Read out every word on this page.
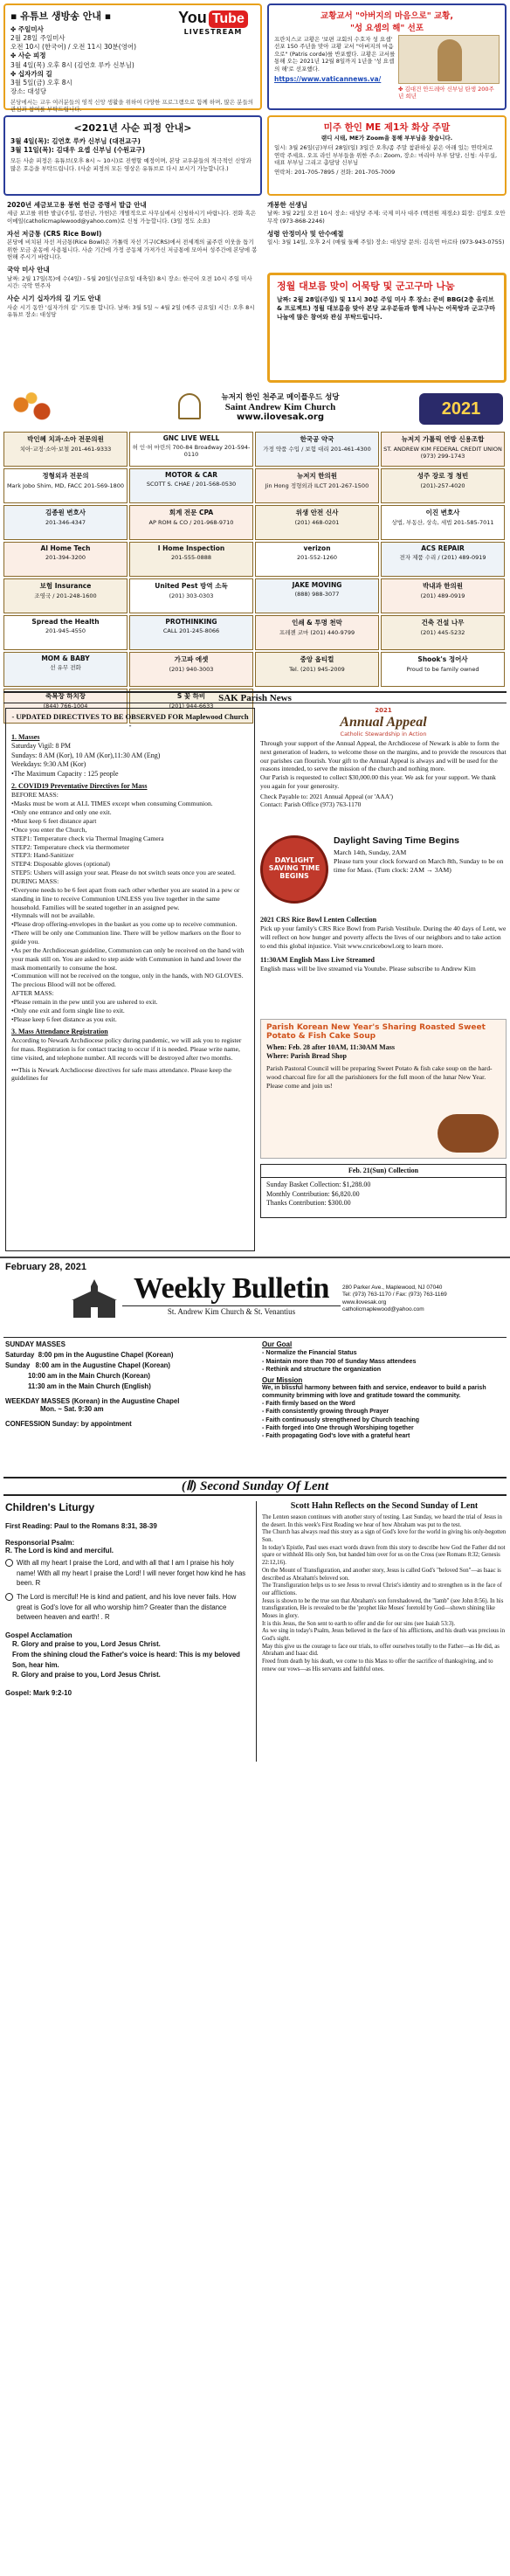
▪ 유튜브 생방송 안내 ▪
✤ 주일미사
2월 28일 주일미사
오전 10시 (한국어) / 오전 11시 30분(영어)
✤ 사순 피정
3월 4일(목) 오후 8시 (김연호 루카 신부님)
✤ 십자가의 길
3월 5일(금) 오후 8시
장소: 대성당
본당에서는 교우 여러분들의 영적 신앙 생활을 위하여 다양한 프로그램으로 함께 하며, 많은 분들의 관심과 참여를 부탁드립니다.
You Tube
LIVESTREAM
교황교서 "아버지의 마음으로" 교황,
"성 요셉의 해" 선포
프란치스코 교황은 '보편 교회의 수호자 성 요셉' 선포 150 주년을 맞아 교황 교서 "아버지의 마음으로" (Patris corde)를 반포했다. 교황은 교서를 통해 오는 2021년 12월 8일까지 1년을 '성 요셉의 해'로 선포했다.
https://www.vaticannews.va/
✤ 김대건 안드레아 신부님 탄생 200주년 희년
<2021년 사순 피정 안내>
3월 4일(목): 김연호 루카 신부님 (대전교구)
3월 11일(목): 김대우 요셉 신부님 (수원교구)
모든 사순 피정은 유튜브(오후 8시 ~ 10시)로 진행할 예정이며, 본당 교우분들의 적극적인 신앙과 많은 호응을 부탁드립니다. (사순 피정의 모든 영상은 유튜브로 다시 보시기 가능합니다.)
미주 한인 ME 제1차 화상 주말
랜디 시태, ME가 Zoom을 통해 부부님을 찾습니다.
일시: 3월 26일(금)부터 28일(일) 3일간 오후/좀 주말 참관하실 분은 아래 있는 연락처로 연락 주세요. 오프 라인 부부들을 위한 주소: Zoom, 장소: 마리아 부부 담당, 신청: 사무실, 대표 부부님 그리고 총담당 신부님
연락처: 201-705-7895 / 전화: 201-705-7009
2020년 세금보고용 봉헌 헌금 증명서 발급 안내
세금 보고를 위한 발급(주일, 봉헌금, 가헌)은 개별적으로 사무실에서 신청하시기 바랍니다. 전화 혹은 이메일(catholicmaplewood@yahoo.com)로 신청 가능합니다. (3일 정도 소요)
자선 저금통 (CRS Rice Bowl)
본당에 비치된 자선 저금통(Rice Bowl)은 가톨릭 자선 기구(CRS)에서 전세계의 굶주린 이웃을 돕기 위한 모금 운동에 사용됩니다. 사순 기간에 가정 공동체 가져가신 저금통에 모아서 성주간에 본당에 봉헌해 주시기 바랍니다.
국악 미사 안내
날짜: 2월 17일(목)에 수(4일) - 5월 20일(성금요일 대축일) 8시 장소: 한국어 오전 10시 주일 미사 시간: 국악 연주자
사순 시기 십자가의 길 기도 안내
사순 시기 동안 '십자가의 길' 기도를 합니다. 날짜: 3월 5일 ~ 4월 2일 (매주 금요일) 시간: 오후 8시 유튜브 장소: 대성당
개봉한 선생님
날짜: 3월 22일 오전 10시 장소: 대성당 주제: 국제 미사 대주 (백전원 재경소) 회장: 김영호 오안 무작 (973-868-2246)
성령 안정미사 및 안수예절
일시: 3월 14일, 오후 2시 (매월 둘째 주일) 장소: 대성당 문의: 김옥연 마르타 (973-943-0755)
정월 대보름 맞이 어묵탕 및 군고구마 나눔
날짜: 2월 28일(주일) 및 11시 30분 주일 미사 후 장소: 준비 BBG(2층 올리브 & 프로젝트) 정월 대보름을 맞아 본당 교우분들과 함께 나누는 어묵탕과 군고구마 나눔에 많은 참여와 관심 부탁드립니다.
뉴저지 한인 천주교 메이플우드 성당
Saint Andrew Kim Church
www.ilovesak.org	2021
박인혜 치과·소아 전문의원
치아·교정·소아·보철 201-461-9333
GNC LIVE WELL
허 인·허 마린의 700-84 Broadway 201-594-0110
한국공 약국
가정 약품 수입 / 보험 대리 201-461-4300
뉴저지 가톨릭 연방 신용조합
ST. ANDREW KIM FEDERAL CREDIT UNION (973) 299-1743
정형외과 전문의
Mark Jobo Shim, MD, FACC 201-569-1800
MOTOR & CAR
SCOTT S. CHAE / 201-568-0530
뉴저지 한의원
Jin Hong 정형외과 ILCT 201-267-1500
성주 장로 정 청빈
(201)-257-4020
김종원 변호사
201-346-4347
회계 전문 CPA
AP ROM & CO / 201-968-9710
위생 안전 신사
(201) 468-0201
이진 변호사
상법, 부동산, 상속, 세법 201-585-7011
Al Home Tech
201-394-3200
I Home Inspection
201-555-0888
verizon
201-552-1260
ACS REPAIR
전자 제품 수리 / (201) 489-0919
보험 Insurance
조영국 / 201-248-1600
United Pest 방역 소독
(201) 303-0303
JAKE MOVING
(888) 988-3077
박내과 한의원
(201) 489-0919
Spread the Health
201-945-4550
PROTHINKING
CALL 201-245-8066
인쇄 & 투명 천막
프레젠 코마 (201) 440-9799
건축 건설 나무
(201) 445-5232
MOM & BABY
선 유무 전화
가고파 에셋
(201) 940-3003
중앙 옵티컬
Tel. (201) 945-2009
Shook's 정어사
Proud to be family owned
축복장 하치장
(844) 766-1004
S 꽃 하비
(201) 944-6633
SAK Parish News
- UPDATED DIRECTIVES TO BE OBSERVED FOR Maplewood Church -
1. Masses
Saturday Vigil: 8 PM
Sundays: 8 AM (Kor), 10 AM (Kor),11:30 AM (Eng)
Weekdays: 9:30 AM (Kor)
•The Maximum Capacity : 125 people
2. COVID19 Preventative Directives for Mass
BEFORE MASS:
•Masks must be worn at ALL TIMES except when consuming Communion.
•Only one entrance and only one exit.
•Must keep 6 feet distance apart
•Once you enter the Church,
STEP1: Temperature check via Thermal Imaging Camera
STEP2: Temperature check via thermometer
STEP3: Hand-Sanitizer
STEP4: Disposable gloves (optional)
STEP5: Ushers will assign your seat. Please do not switch seats once you are seated.
DURING MASS:
•Everyone needs to be 6 feet apart from each other whether you are seated in a pew or standing in line to receive Communion UNLESS you live together in the same household. Families will be seated together in an assigned pew.
•Hymnals will not be available.
•Please drop offering-envelopes in the basket as you come up to receive communion.
•There will be only one Communion line. There will be yellow markers on the floor to guide you.
•As per the Archdiocesan guideline, Communion can only be received on the hand with your mask still on. You are asked to step aside with Communion in hand and lower the mask momentarily to consume the host.
•Communion will not be received on the tongue, only in the hands, with NO GLOVES. The precious Blood will not be offered.
AFTER MASS:
•Please remain in the pew until you are ushered to exit.
•Only one exit and form single line to exit.
•Please keep 6 feet distance as you exit.
3. Mass Attendance Registration
According to Newark Archdiocese policy during pandemic, we will ask you to register for mass. Registration is for contact tracing to occur if it is needed. Please write name, time visited, and telephone number. All records will be destroyed after two months.
•••This is Newark Archdiocese directives for safe mass attendance. Please keep the guidelines for
2021
Annual Appeal
Catholic Stewardship in Action
Through your support of the Annual Appeal, the Archdiocese of Newark is able to form the next generation of leaders, to welcome those on the margins, and to provide the resources that our parishes can flourish. Your gift to the Annual Appeal is always and will be used for the reasons intended, to serve the mission of the church and nothing more.
Our Parish is requested to collect $30,000.00 this year. We ask for your support. We thank you again for your generosity.
Check Payable to: 2021 Annual Appeal (or 'AAA')
Contact: Parish Office (973) 763-1170
DAYLIGHT SAVING TIME BEGINS
Daylight Saving Time Begins
March 14th, Sunday, 2AM
Please turn your clock forward on March 8th, Sunday to be on time for Mass. (Turn clock: 2AM → 3AM)
2021 CRS Rice Bowl Lenten Collection
Pick up your family's CRS Rice Bowl from Parish Vestibule. During the 40 days of Lent, we will reflect on how hunger and poverty affects the lives of our neighbors and to take action to end this global injustice. Visit www.crsricebowl.org to learn more.
11:30AM English Mass Live Streamed
English mass will be live streamed via Youtube. Please subscribe to Andrew Kim
Parish Korean New Year's Sharing Roasted Sweet Potato & Fish Cake Soup
When: Feb. 28 after 10AM, 11:30AM Mass
Where: Parish Bread Shop
Parish Pastoral Council will be preparing Sweet Potato & fish cake soup on the hard-wood charcoal fire for all the parishioners for the full moon of the lunar New Year. Please come and join us!
Feb. 21(Sun) Collection
Sunday Basket Collection: $1,288.00
Monthly Contribution: $6,820.00
Thanks Contribution: $300.00
February 28, 2021
Weekly Bulletin
St. Andrew Kim Church & St. Venantius
280 Parker Ave., Maplewood, NJ 07040
Tel: (973) 763-1170 / Fax: (973) 763-1169
www.ilovesak.org
catholicmaplewood@yahoo.com
SUNDAY MASSES
Saturday  8:00 pm in the Augustine Chapel (Korean)
Sunday   8:00 am in the Augustine Chapel (Korean)
10:00 am in the Main Church (Korean)
11:30 am in the Main Church (English)
WEEKDAY MASSES (Korean) in the Augustine Chapel
Mon. ~ Sat. 9:30 am
CONFESSION Sunday: by appointment
Our Goal
- Normalize the Financial Status
- Maintain more than 700 of Sunday Mass attendees
- Rethink and structure the organization
Our Mission
We, in blissful harmony between faith and service, endeavor to build a parish community brimming with love and gratitude toward the community.
- Faith firmly based on the Word
- Faith consistently growing through Prayer
- Faith continuously strengthened by Church teaching
- Faith forged into One through Worshiping together
- Faith propagating God's love with a grateful heart
(Ⅱ) Second Sunday Of Lent
Children's Liturgy
First Reading: Paul to the Romans 8:31, 38-39
Responsorial Psalm:
R. The Lord is kind and merciful.
With all my heart I praise the Lord, and with all that I am I praise his holy name! With all my heart I praise the Lord! I will never forget how kind he has been. R
The Lord is merciful! He is kind and patient, and his love never fails. How great is God's love for all who worship him? Greater than the distance between heaven and earth! . R
Gospel Acclamation
R. Glory and praise to you, Lord Jesus Christ.
From the shining cloud the Father's voice is heard: This is my beloved Son, hear him.
R. Glory and praise to you, Lord Jesus Christ.
Gospel: Mark 9:2-10
Scott Hahn Reflects on the Second Sunday of Lent
The Lenten season continues with another story of testing. Last Sunday, we heard the trial of Jesus in the desert. In this week's First Reading we hear of how Abraham was put to the test.
The Church has always read this story as a sign of God's love for the world in giving his only-begotten Son.
In today's Epistle, Paul uses exact words drawn from this story to describe how God the Father did not spare or withhold His only Son, but handed him over for us on the Cross (see Romans 8:32; Genesis 22:12,16).
On the Mount of Transfiguration, and another story, Jesus is called God's "beloved Son"—as Isaac is described as Abraham's beloved son.
The Transfiguration helps us to see Jesus to reveal Christ's identity and to strengthen us in the face of our afflictions.
Jesus is shown to be the true son that Abraham's son foreshadowed, the "lamb" (see John 8:56). In his transfiguration, He is revealed to be the 'prophet like Moses' foretold by God—shown shining like Moses in glory.
It is this Jesus, the Son sent to earth to offer and die for our sins (see Isaiah 53:3).
As we sing in today's Psalm, Jesus believed in the face of his afflictions, and his death was precious in God's sight.
May this give us the courage to face our trials, to offer ourselves totally to the Father—as He did, as Abraham and Isaac did.
Freed from death by his death, we come to this Mass to offer the sacrifice of thanksgiving, and to renew our vows—as His servants and faithful ones.
